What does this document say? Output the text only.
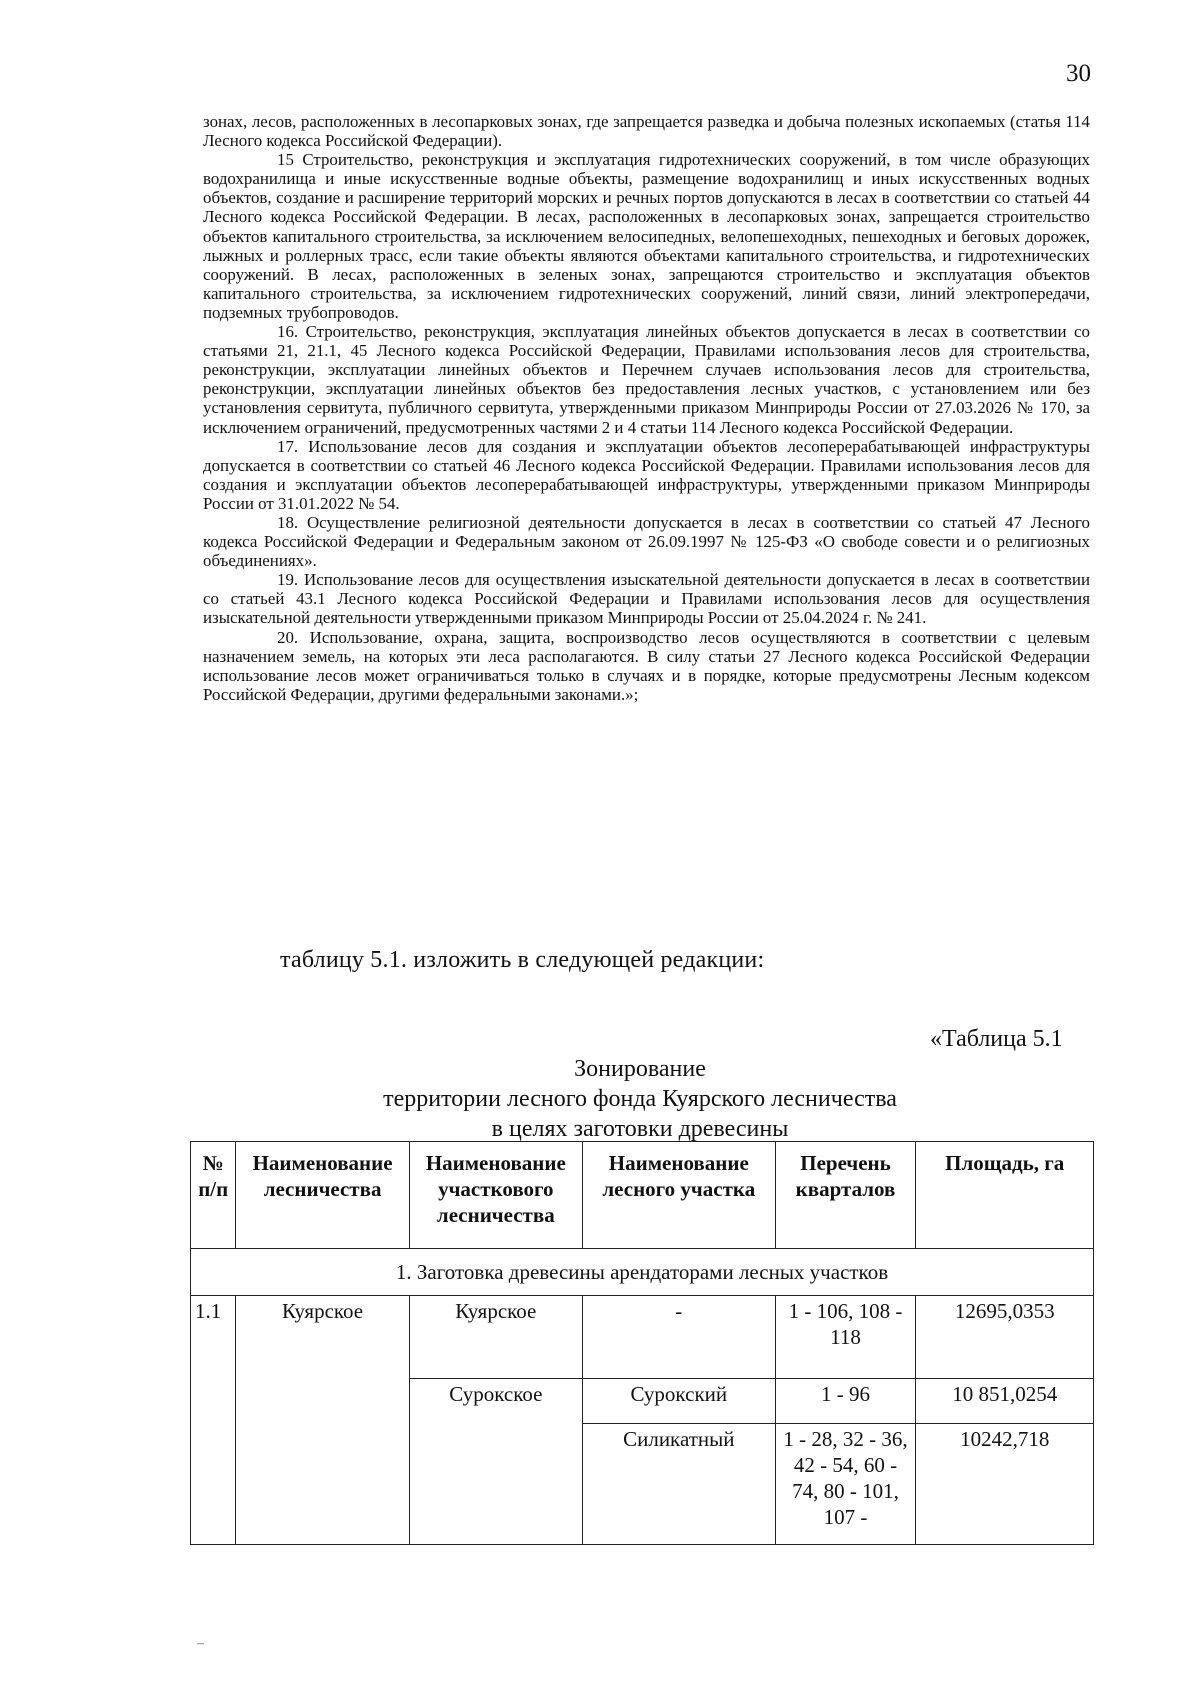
30

зонах, лесов, расположенных в лесопарковых зонах, где запрещается разведка и добыча полезных ископаемых (статья 114 Лесного кодекса Российской Федерации).

15 Строительство, реконструкция и эксплуатация гидротехнических сооружений, в том числе образующих водохранилища и иные искусственные водные объекты, размещение водохранилищ и иных искусственных водных объектов, создание и расширение территорий морских и речных портов допускаются в лесах в соответствии со статьей 44 Лесного кодекса Российской Федерации. В лесах, расположенных в лесопарковых зонах, запрещается строительство объектов капитального строительства, за исключением велосипедных, велопешеходных, пешеходных и беговых дорожек, лыжных и роллерных трасс, если такие объекты являются объектами капитального строительства, и гидротехнических сооружений. В лесах, расположенных в зеленых зонах, запрещаются строительство и эксплуатация объектов капитального строительства, за исключением гидротехнических сооружений, линий связи, линий электропередачи, подземных трубопроводов.

16. Строительство, реконструкция, эксплуатация линейных объектов допускается в лесах в соответствии со статьями 21, 21.1, 45 Лесного кодекса Российской Федерации, Правилами использования лесов для строительства, реконструкции, эксплуатации линейных объектов и Перечнем случаев использования лесов для строительства, реконструкции, эксплуатации линейных объектов без предоставления лесных участков, с установлением или без установления сервитута, публичного сервитута, утвержденными приказом Минприроды России от 27.03.2026 № 170, за исключением ограничений, предусмотренных частями 2 и 4 статьи 114 Лесного кодекса Российской Федерации.

17. Использование лесов для создания и эксплуатации объектов лесоперерабатывающей инфраструктуры допускается в соответствии со статьей 46 Лесного кодекса Российской Федерации. Правилами использования лесов для создания и эксплуатации объектов лесоперерабатывающей инфраструктуры, утвержденными приказом Минприроды России от 31.01.2022 № 54.

18. Осуществление религиозной деятельности допускается в лесах в соответствии со статьей 47 Лесного кодекса Российской Федерации и Федеральным законом от 26.09.1997 № 125-ФЗ «О свободе совести и о религиозных объединениях».

19. Использование лесов для осуществления изыскательной деятельности допускается в лесах в соответствии со статьей 43.1 Лесного кодекса Российской Федерации и Правилами использования лесов для осуществления изыскательной деятельности утвержденными приказом Минприроды России от 25.04.2024 г. № 241.

20. Использование, охрана, защита, воспроизводство лесов осуществляются в соответствии с целевым назначением земель, на которых эти леса располагаются. В силу статьи 27 Лесного кодекса Российской Федерации использование лесов может ограничиваться только в случаях и в порядке, которые предусмотрены Лесным кодексом Российской Федерации, другими федеральными законами.»;

таблицу 5.1. изложить в следующей редакции:
«Таблица 5.1
Зонирование
территории лесного фонда Куярского лесничества
в целях заготовки древесины
№ п/п	Наименование лесничества	Наименование участкового лесничества	Наименование лесного участка	Перечень кварталов	Площадь, га
1. Заготовка древесины арендаторами лесных участков					
1.1	Куярское	Куярское	-	1 - 106, 108 - 118	12695,0353
		Сурокское	Сурокский	1 - 96	10 851,0254
			Силикатный	1 - 28, 32 - 36, 42 - 54, 60 - 74, 80 - 101, 107 -	10242,718
–
